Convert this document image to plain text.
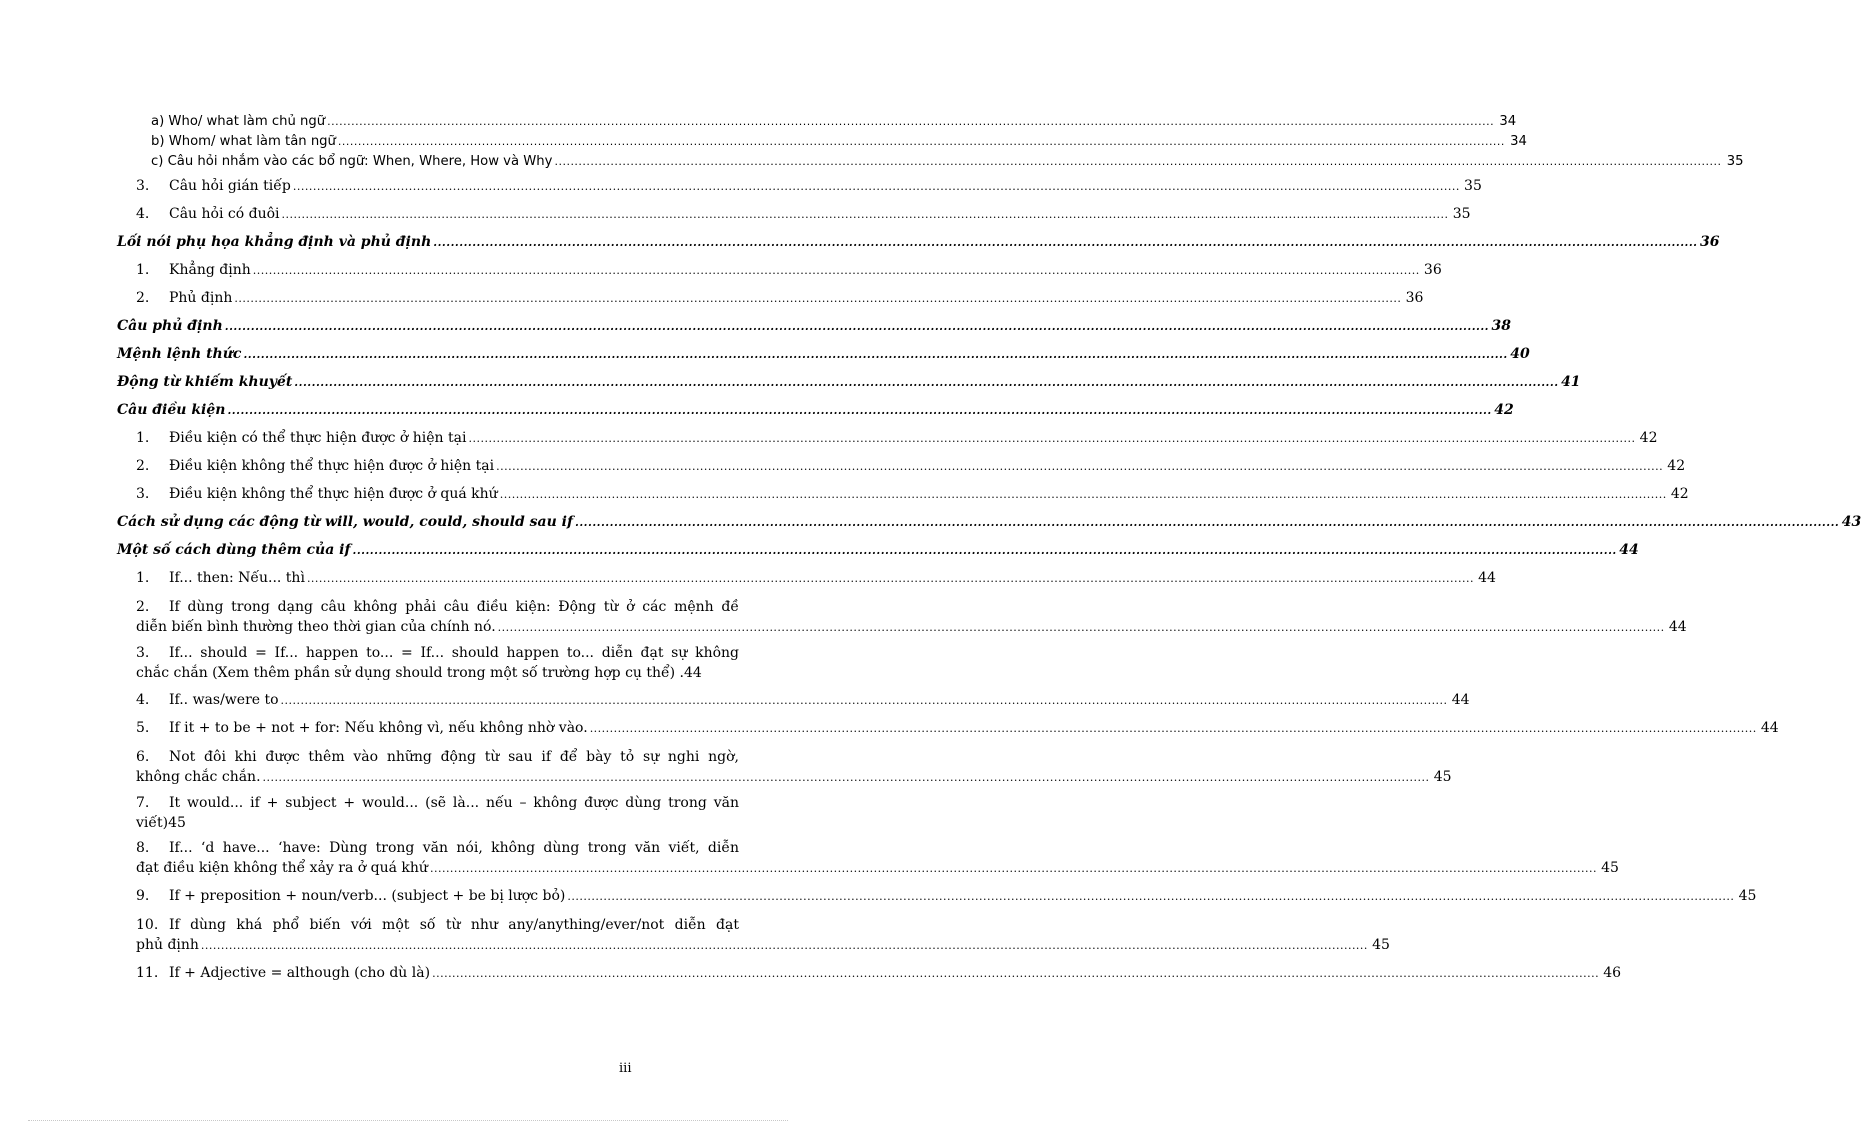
a) Who/ what làm chủ ngữ .....	34
b) Whom/ what làm tân ngữ .....	34
c) Câu hỏi nhắm vào các bổ ngữ: When, Where, How và Why .....	35
3. Câu hỏi gián tiếp .....	35
4. Câu hỏi có đuôi .....	35
Lối nói phụ họa khẳng định và phủ định .....	36
1. Khẳng định .....	36
2. Phủ định .....	36
Câu phủ định .....	38
Mệnh lệnh thức .....	40
Động từ khiếm khuyết .....	41
Câu điều kiện .....	42
1. Điều kiện có thể thực hiện được ở hiện tại .....	42
2. Điều kiện không thể thực hiện được ở hiện tại .....	42
3. Điều kiện không thể thực hiện được ở quá khứ .....	42
Cách sử dụng các động từ will, would, could, should sau if .....	43
Một số cách dùng thêm của if .....	44
1. If... then: Nếu... thì .....	44
2. If dùng trong dạng câu không phải câu điều kiện: Động từ ở các mệnh đề
diễn biến bình thường theo thời gian của chính nó. .....	44
3. If... should = If... happen to... = If... should happen to... diễn đạt sự không
chắc chắn (Xem thêm phần sử dụng should trong một số trường hợp cụ thể) . 44
4. If.. was/were to .....	44
5. If it + to be + not + for: Nếu không vì, nếu không nhờ vào. .....	44
6. Not đôi khi được thêm vào những động từ sau if để bày tỏ sự nghi ngờ,
không chắc chắn. .....	45
7. It would... if + subject + would... (sẽ là... nếu – không được dùng trong văn
viết) 45
8. If... ‘d have... ‘have: Dùng trong văn nói, không dùng trong văn viết, diễn
đạt điều kiện không thể xảy ra ở quá khứ .....	45
9. If + preposition + noun/verb... (subject + be bị lược bỏ) .....	45
10. If dùng khá phổ biến với một số từ như any/anything/ever/not diễn đạt
phủ định .....	45
11. If + Adjective = although (cho dù là) .....	46
iii
